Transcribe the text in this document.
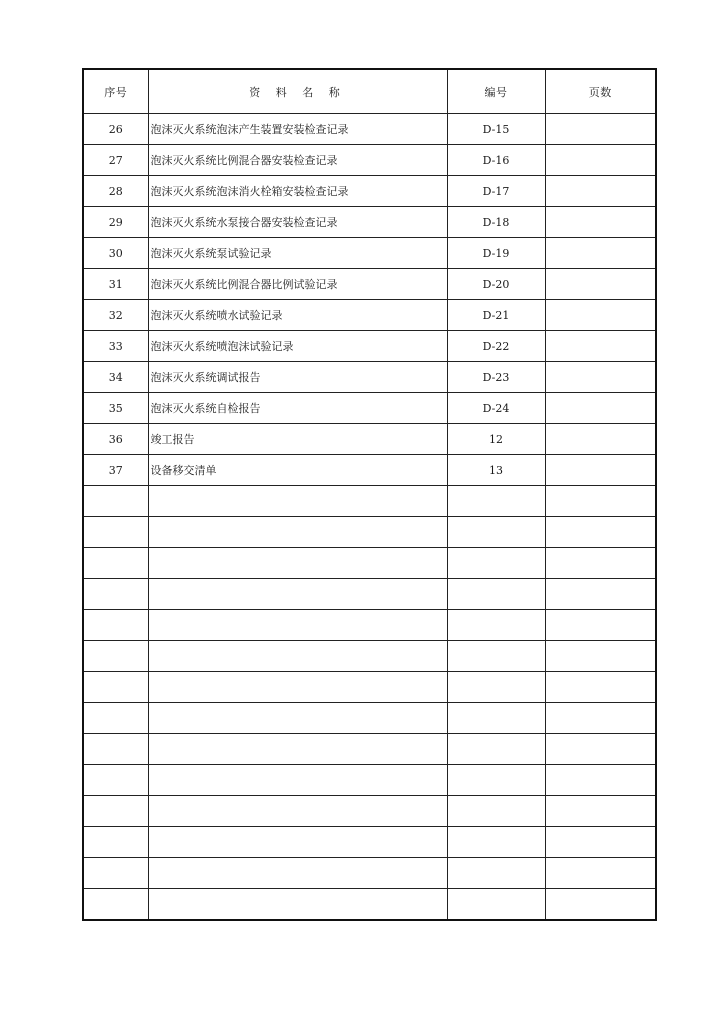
序号	资 料 名 称	编号	页数
26	泡沫灭火系统泡沫产生装置安装检查记录	D-15	
27	泡沫灭火系统比例混合器安装检查记录	D-16	
28	泡沫灭火系统泡沫消火栓箱安装检查记录	D-17	
29	泡沫灭火系统水泵接合器安装检查记录	D-18	
30	泡沫灭火系统泵试验记录	D-19	
31	泡沫灭火系统比例混合器比例试验记录	D-20	
32	泡沫灭火系统喷水试验记录	D-21	
33	泡沫灭火系统喷泡沫试验记录	D-22	
34	泡沫灭火系统调试报告	D-23	
35	泡沫灭火系统自检报告	D-24	
36	竣工报告	12	
37	设备移交清单	13	
